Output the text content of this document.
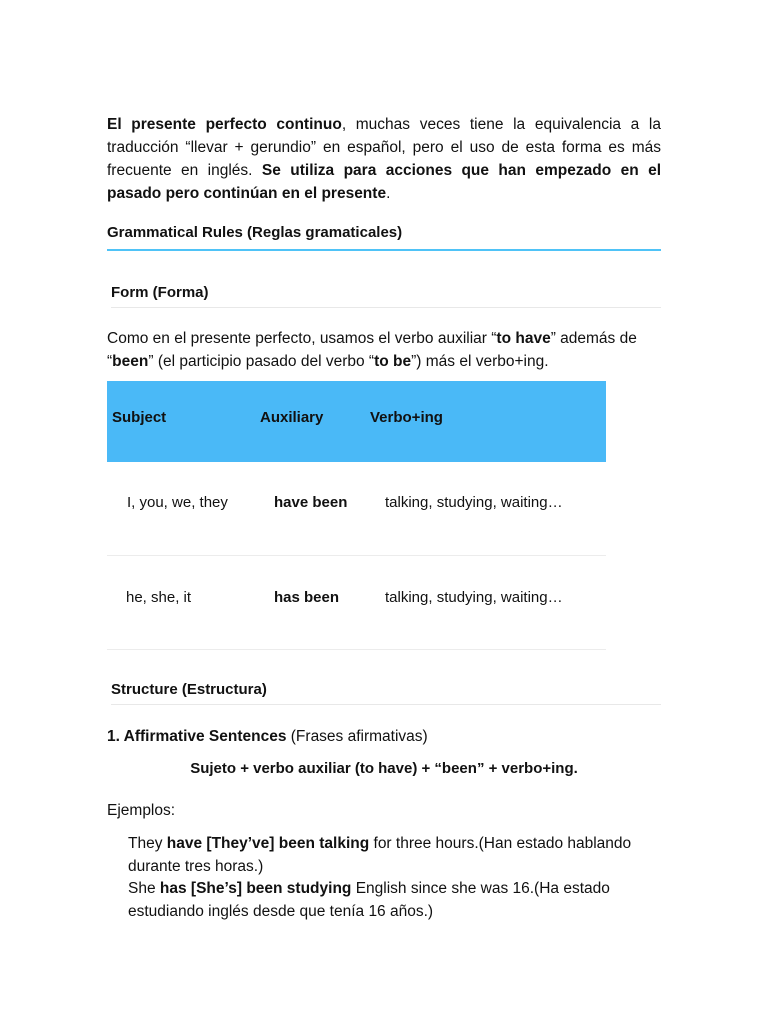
El presente perfecto continuo, muchas veces tiene la equivalencia a la traducción “llevar + gerundio” en español, pero el uso de esta forma es más frecuente en inglés. Se utiliza para acciones que han empezado en el pasado pero continúan en el presente.

Grammatical Rules (Reglas gramaticales)
Form (Forma)

Como en el presente perfecto, usamos el verbo auxiliar “to have” además de “been” (el participio pasado del verbo “to be”) más el verbo+ing.

Subject	Auxiliary	Verbo+ing
I, you, we, they	have been	talking, studying, waiting…
he, she, it	has been	talking, studying, waiting…
Structure (Estructura)
1. Affirmative Sentences (Frases afirmativas)
Sujeto + verbo auxiliar (to have) + “been” + verbo+ing.
Ejemplos:

They have [They’ve] been talking for three hours.(Han estado hablando durante tres horas.)

She has [She’s] been studying English since she was 16.(Ha estado estudiando inglés desde que tenía 16 años.)
